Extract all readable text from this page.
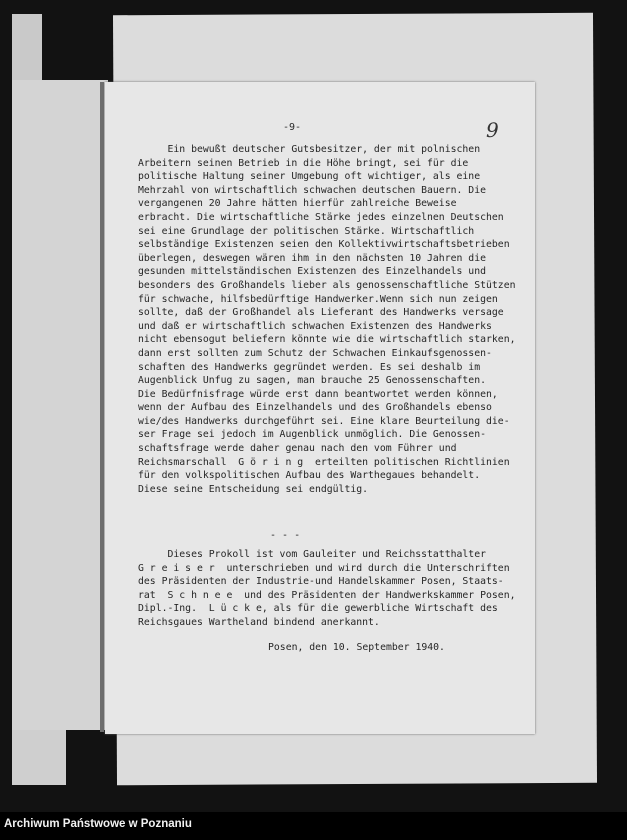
-9-	9
Ein bewußt deutscher Gutsbesitzer, der mit polnischen
Arbeitern seinen Betrieb in die Höhe bringt, sei für die
politische Haltung seiner Umgebung oft wichtiger, als eine
Mehrzahl von wirtschaftlich schwachen deutschen Bauern. Die
vergangenen 20 Jahre hätten hierfür zahlreiche Beweise
erbracht. Die wirtschaftliche Stärke jedes einzelnen Deutschen
sei eine Grundlage der politischen Stärke. Wirtschaftlich
selbständige Existenzen seien den Kollektivwirtschaftsbetrieben
überlegen, deswegen wären ihm in den nächsten 10 Jahren die
gesunden mittelständischen Existenzen des Einzelhandels und
besonders des Großhandels lieber als genossenschaftliche Stützen
für schwache, hilfsbedürftige Handwerker.Wenn sich nun zeigen
sollte, daß der Großhandel als Lieferant des Handwerks versage
und daß er wirtschaftlich schwachen Existenzen des Handwerks
nicht ebensogut beliefern könnte wie die wirtschaftlich starken,
dann erst sollten zum Schutz der Schwachen Einkaufsgenossen-
schaften des Handwerks gegründet werden. Es sei deshalb im
Augenblick Unfug zu sagen, man brauche 25 Genossenschaften.
Die Bedürfnisfrage würde erst dann beantwortet werden können,
wenn der Aufbau des Einzelhandels und des Großhandels ebenso
wie/des Handwerks durchgeführt sei. Eine klare Beurteilung die-
ser Frage sei jedoch im Augenblick unmöglich. Die Genossen-
schaftsfrage werde daher genau nach den vom Führer und
Reichsmarschall  G ö r i n g  erteilten politischen Richtlinien
für den volkspolitischen Aufbau des Warthegaues behandelt.
Diese seine Entscheidung sei endgültig.
- - -
Dieses Prokoll ist vom Gauleiter und Reichsstatthalter
G r e i s e r  unterschrieben und wird durch die Unterschriften
des Präsidenten der Industrie-und Handelskammer Posen, Staats-
rat  S c h n e e  und des Präsidenten der Handwerkskammer Posen,
Dipl.-Ing.  L ü c k e, als für die gewerbliche Wirtschaft des
Reichsgaues Wartheland bindend anerkannt.
Posen, den 10. September 1940.
Archiwum Państwowe w Poznaniu
